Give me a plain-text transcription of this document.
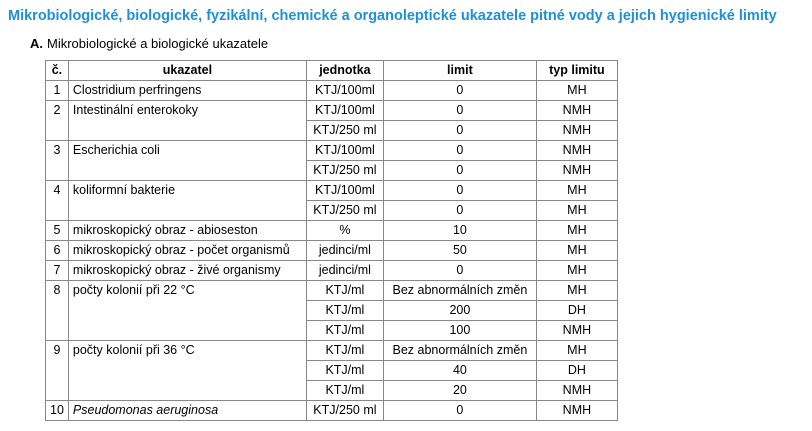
Mikrobiologické, biologické, fyzikální, chemické a organoleptické ukazatele pitné vody a jejich hygienické limity
A. Mikrobiologické a biologické ukazatele
č.	ukazatel	jednotka	limit	typ limitu
1	Clostridium perfringens	KTJ/100ml	0	MH
2	Intestinální enterokoky	KTJ/100ml	0	NMH
		KTJ/250 ml	0	NMH
3	Escherichia coli	KTJ/100ml	0	NMH
		KTJ/250 ml	0	NMH
4	koliformní bakterie	KTJ/100ml	0	MH
		KTJ/250 ml	0	MH
5	mikroskopický obraz - abioseston	%	10	MH
6	mikroskopický obraz - počet organismů	jedinci/ml	50	MH
7	mikroskopický obraz - živé organismy	jedinci/ml	0	MH
8	počty kolonií při 22 °C	KTJ/ml	Bez abnormálních změn	MH
		KTJ/ml	200	DH
		KTJ/ml	100	NMH
9	počty kolonií při 36 °C	KTJ/ml	Bez abnormálních změn	MH
		KTJ/ml	40	DH
		KTJ/ml	20	NMH
10	Pseudomonas aeruginosa	KTJ/250 ml	0	NMH
